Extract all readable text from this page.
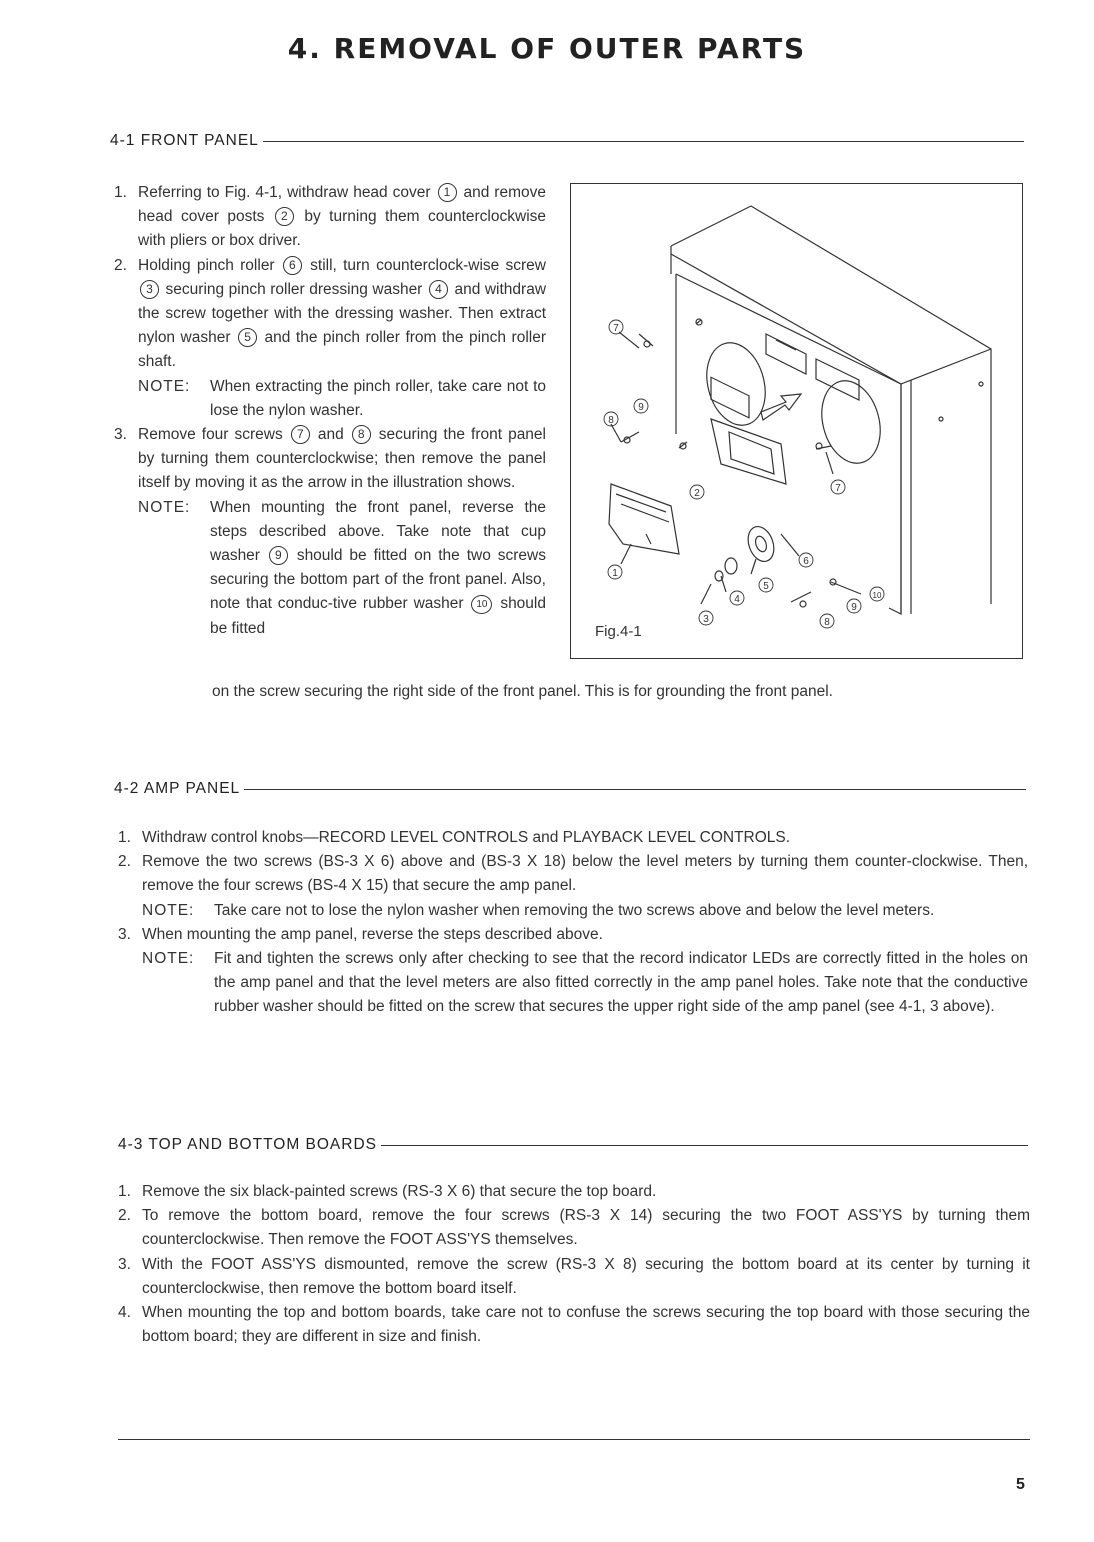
4. REMOVAL OF OUTER PARTS
4-1 FRONT PANEL
1. Referring to Fig. 4-1, withdraw head cover 1 and remove head cover posts 2 by turning them counterclockwise with pliers or box driver.
2. Holding pinch roller 6 still, turn counterclock-wise screw 3 securing pinch roller dressing washer 4 and withdraw the screw together with the dressing washer. Then extract nylon washer 5 and the pinch roller from the pinch roller shaft.
NOTE: When extracting the pinch roller, take care not to lose the nylon washer.
3. Remove four screws 7 and 8 securing the front panel by turning them counterclockwise; then remove the panel itself by moving it as the arrow in the illustration shows.
NOTE: When mounting the front panel, reverse the steps described above. Take note that cup washer 9 should be fitted on the two screws securing the bottom part of the front panel. Also, note that conduc-tive rubber washer 10 should be fitted
on the screw securing the right side of the front panel. This is for grounding the front panel.
1
2
3
4
5
6
7
8
9
10
7
8
9
Fig.4-1
4-2 AMP PANEL
1. Withdraw control knobs—RECORD LEVEL CONTROLS and PLAYBACK LEVEL CONTROLS.
2. Remove the two screws (BS-3 X 6) above and (BS-3 X 18) below the level meters by turning them counter-clockwise. Then, remove the four screws (BS-4 X 15) that secure the amp panel.
NOTE: Take care not to lose the nylon washer when removing the two screws above and below the level meters.
3. When mounting the amp panel, reverse the steps described above.
NOTE: Fit and tighten the screws only after checking to see that the record indicator LEDs are correctly fitted in the holes on the amp panel and that the level meters are also fitted correctly in the amp panel holes. Take note that the conductive rubber washer should be fitted on the screw that secures the upper right side of the amp panel (see 4-1, 3 above).
4-3 TOP AND BOTTOM BOARDS
1. Remove the six black-painted screws (RS-3 X 6) that secure the top board.
2. To remove the bottom board, remove the four screws (RS-3 X 14) securing the two FOOT ASS'YS by turning them counterclockwise. Then remove the FOOT ASS'YS themselves.
3. With the FOOT ASS'YS dismounted, remove the screw (RS-3 X 8) securing the bottom board at its center by turning it counterclockwise, then remove the bottom board itself.
4. When mounting the top and bottom boards, take care not to confuse the screws securing the top board with those securing the bottom board; they are different in size and finish.
5
